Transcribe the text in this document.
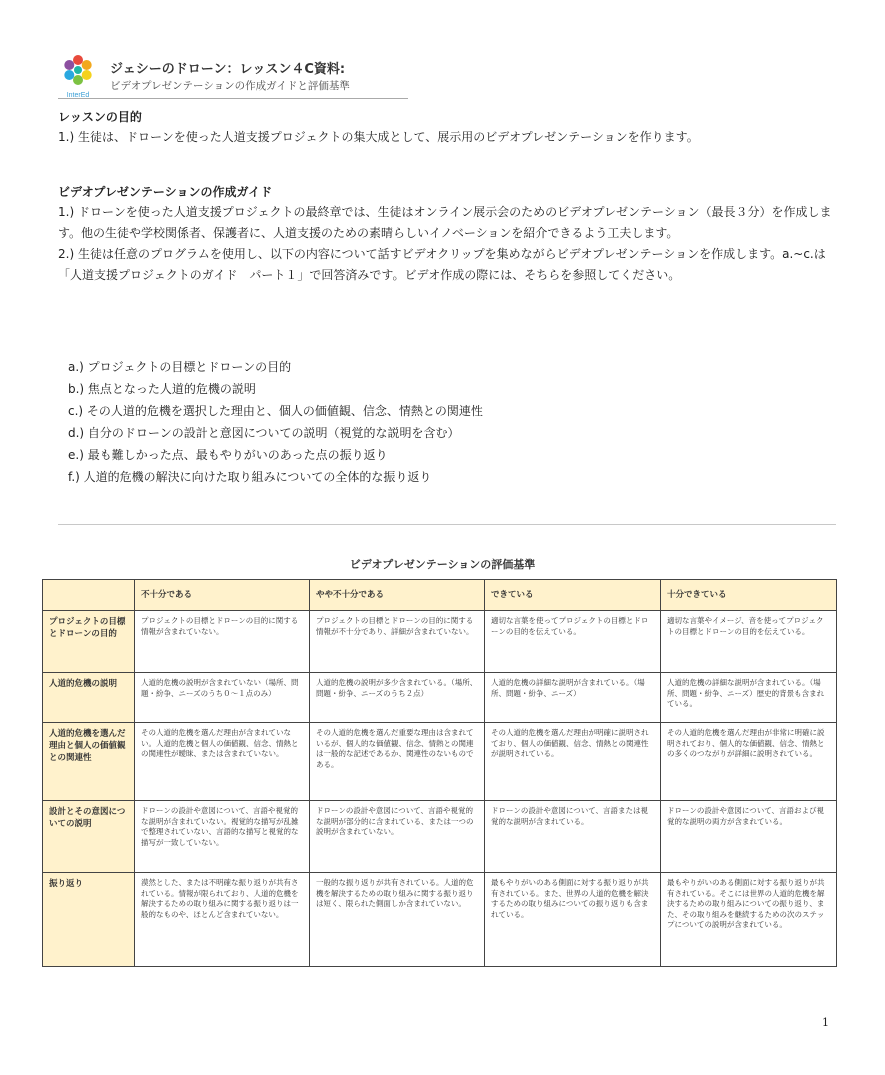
InterEd
ジェシーのドローン：レッスン４C資料:
ビデオプレゼンテーションの作成ガイドと評価基準
レッスンの目的
1.) 生徒は、ドローンを使った人道支援プロジェクトの集大成として、展示用のビデオプレゼンテーションを作ります。
ビデオプレゼンテーションの作成ガイド
1.) ドローンを使った人道支援プロジェクトの最終章では、生徒はオンライン展示会のためのビデオプレゼンテーション（最長３分）を作成します。他の生徒や学校関係者、保護者に、人道支援のための素晴らしいイノベーションを紹介できるよう工夫します。
2.) 生徒は任意のプログラムを使用し、以下の内容について話すビデオクリップを集めながらビデオプレゼンテーションを作成します。a.~c.は「人道支援プロジェクトのガイド　パート１」で回答済みです。ビデオ作成の際には、そちらを参照してください。
a.) プロジェクトの目標とドローンの目的
b.) 焦点となった人道的危機の説明
c.) その人道的危機を選択した理由と、個人の価値観、信念、情熱との関連性
d.) 自分のドローンの設計と意図についての説明（視覚的な説明を含む）
e.) 最も難しかった点、最もやりがいのあった点の振り返り
f.) 人道的危機の解決に向けた取り組みについての全体的な振り返り
ビデオプレゼンテーションの評価基準
	不十分である	やや不十分である	できている	十分できている
プロジェクトの目標とドローンの目的	プロジェクトの目標とドローンの目的に関する情報が含まれていない。	プロジェクトの目標とドローンの目的に関する情報が不十分であり、詳細が含まれていない。	適切な言葉を使ってプロジェクトの目標とドローンの目的を伝えている。	適切な言葉やイメージ、音を使ってプロジェクトの目標とドローンの目的を伝えている。
人道的危機の説明	人道的危機の説明が含まれていない（場所、問題・紛争、ニーズのうち０～１点のみ）	人道的危機の説明が多少含まれている。（場所、問題・紛争、ニーズのうち２点）	人道的危機の詳細な説明が含まれている。（場所、問題・紛争、ニーズ）	人道的危機の詳細な説明が含まれている。（場所、問題・紛争、ニーズ）歴史的背景も含まれている。
人道的危機を選んだ理由と個人の価値観との関連性	その人道的危機を選んだ理由が含まれていない。人道的危機と個人の価値観、信念、情熱との関連性が曖昧、または含まれていない。	その人道的危機を選んだ重要な理由は含まれているが、個人的な価値観、信念、情熱との関連は一般的な記述であるか、関連性のないものである。	その人道的危機を選んだ理由が明確に説明されており、個人の価値観、信念、情熱との関連性が説明されている。	その人道的危機を選んだ理由が非常に明確に説明されており、個人的な価値観、信念、情熱との多くのつながりが詳細に説明されている。
設計とその意図についての説明	ドローンの設計や意図について、言語や視覚的な説明が含まれていない。視覚的な描写が乱雑で整理されていない、言語的な描写と視覚的な描写が一致していない。	ドローンの設計や意図について、言語や視覚的な説明が部分的に含まれている、または一つの説明が含まれていない。	ドローンの設計や意図について、言語または視覚的な説明が含まれている。	ドローンの設計や意図について、言語および視覚的な説明の両方が含まれている。
振り返り	漠然とした、または不明確な振り返りが共有されている。情報が限られており、人道的危機を解決するための取り組みに関する振り返りは一般的なものや、ほとんど含まれていない。	一般的な振り返りが共有されている。人道的危機を解決するための取り組みに関する振り返りは短く、限られた側面しか含まれていない。	最もやりがいのある側面に対する振り返りが共有されている。また、世界の人道的危機を解決するための取り組みについての振り返りも含まれている。	最もやりがいのある側面に対する振り返りが共有されている。そこには世界の人道的危機を解決するための取り組みについての振り返り、また、その取り組みを継続するための次のステップについての説明が含まれている。
1
